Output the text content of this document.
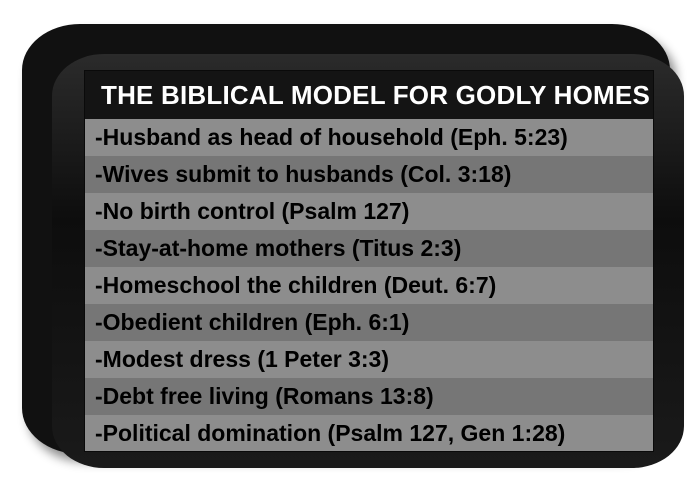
THE BIBLICAL MODEL FOR GODLY HOMES
-Husband as head of household (Eph. 5:23)
-Wives submit to husbands (Col. 3:18)
-No birth control (Psalm 127)
-Stay-at-home mothers (Titus 2:3)
-Homeschool the children (Deut. 6:7)
-Obedient children (Eph. 6:1)
-Modest dress (1 Peter 3:3)
-Debt free living (Romans 13:8)
-Political domination (Psalm 127, Gen 1:28)
